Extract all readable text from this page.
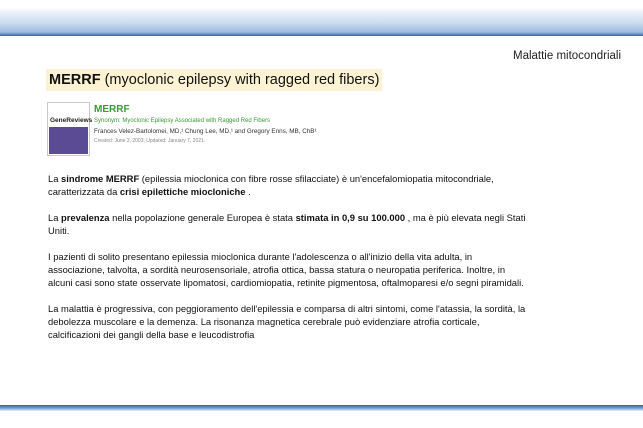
Malattie mitocondriali
MERRF (myoclonic epilepsy with ragged red fibers)
GeneReviews
MERRF
Synonym: Myoclonic Epilepsy Associated with Ragged Red Fibers
Frances Velez-Bartolomei, MD,¹ Chung Lee, MD,¹ and Gregory Enns, MB, ChB¹
Created: June 3, 2003; Updated: January 7, 2021.

La sindrome MERRF (epilessia mioclonica con fibre rosse sfilacciate) è un'encefalomiopatia mitocondriale, caratterizzata da crisi epilettiche miocloniche .

La prevalenza nella popolazione generale Europea è stata stimata in 0,9 su 100.000 , ma è più elevata negli Stati Uniti.

I pazienti di solito presentano epilessia mioclonica durante l'adolescenza o all'inizio della vita adulta, in associazione, talvolta, a sordità neurosensoriale, atrofia ottica, bassa statura o neuropatia periferica. Inoltre, in alcuni casi sono state osservate lipomatosi, cardiomiopatia, retinite pigmentosa, oftalmoparesi e/o segni piramidali.

La malattia è progressiva, con peggioramento dell'epilessia e comparsa di altri sintomi, come l'atassia, la sordità, la debolezza muscolare e la demenza. La risonanza magnetica cerebrale può evidenziare atrofia corticale, calcificazioni dei gangli della base e leucodistrofia
